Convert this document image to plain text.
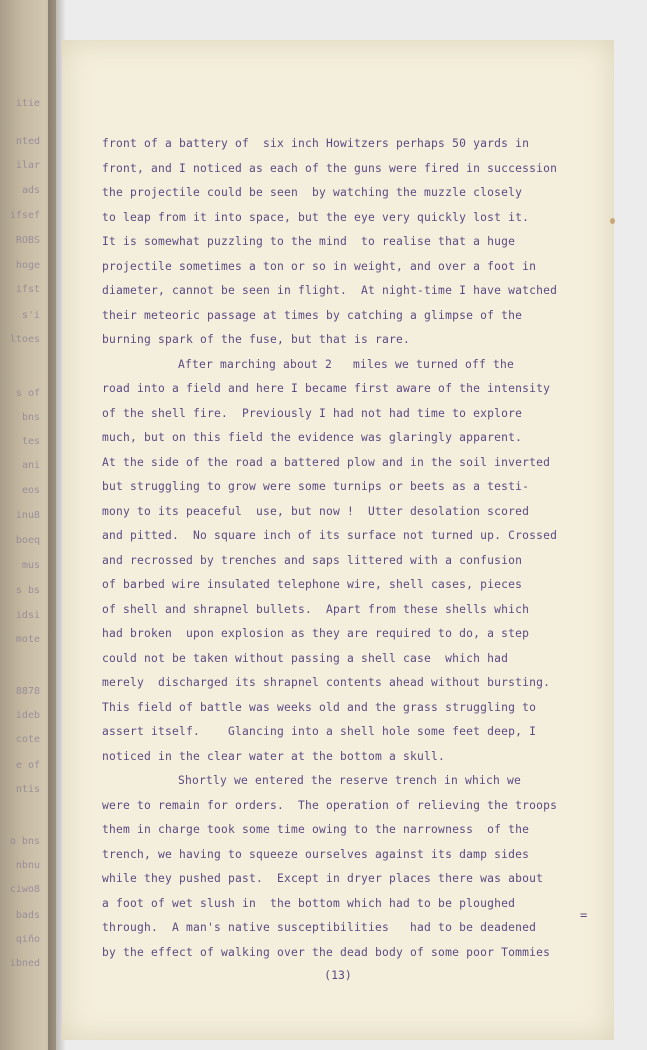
itie
nted
ilar
ads
ifsef
ROBS
hoge
ifst
s'i
ltoes
s of
bns
tes
ani
eos
inu8
boeq
mus
s bs
idsi
mote
8878
ideb
cote
e of
ntis
o bns
nbnu
ciwo8
bads
qiño
ibned
front of a battery of  six inch Howitzers perhaps 50 yards in
front, and I noticed as each of the guns were fired in succession
the projectile could be seen  by watching the muzzle closely
to leap from it into space, but the eye very quickly lost it.
It is somewhat puzzling to the mind  to realise that a huge
projectile sometimes a ton or so in weight, and over a foot in
diameter, cannot be seen in flight.  At night-time I have watched
their meteoric passage at times by catching a glimpse of the
burning spark of the fuse, but that is rare.
After marching about 2   miles we turned off the
road into a field and here I became first aware of the intensity
of the shell fire.  Previously I had not had time to explore
much, but on this field the evidence was glaringly apparent.
At the side of the road a battered plow and in the soil inverted
but struggling to grow were some turnips or beets as a testi-
mony to its peaceful  use, but now !  Utter desolation scored
and pitted.  No square inch of its surface not turned up. Crossed
and recrossed by trenches and saps littered with a confusion
of barbed wire insulated telephone wire, shell cases, pieces
of shell and shrapnel bullets.  Apart from these shells which
had broken  upon explosion as they are required to do, a step
could not be taken without passing a shell case  which had
merely  discharged its shrapnel contents ahead without bursting.
This field of battle was weeks old and the grass struggling to
assert itself.    Glancing into a shell hole some feet deep, I
noticed in the clear water at the bottom a skull.
Shortly we entered the reserve trench in which we
were to remain for orders.  The operation of relieving the troops
them in charge took some time owing to the narrowness  of the
trench, we having to squeeze ourselves against its damp sides
while they pushed past.  Except in dryer places there was about
a foot of wet slush in  the bottom which had to be ploughed
through.  A man's native susceptibilities   had to be deadened
by the effect of walking over the dead body of some poor Tommies
(13)
=
